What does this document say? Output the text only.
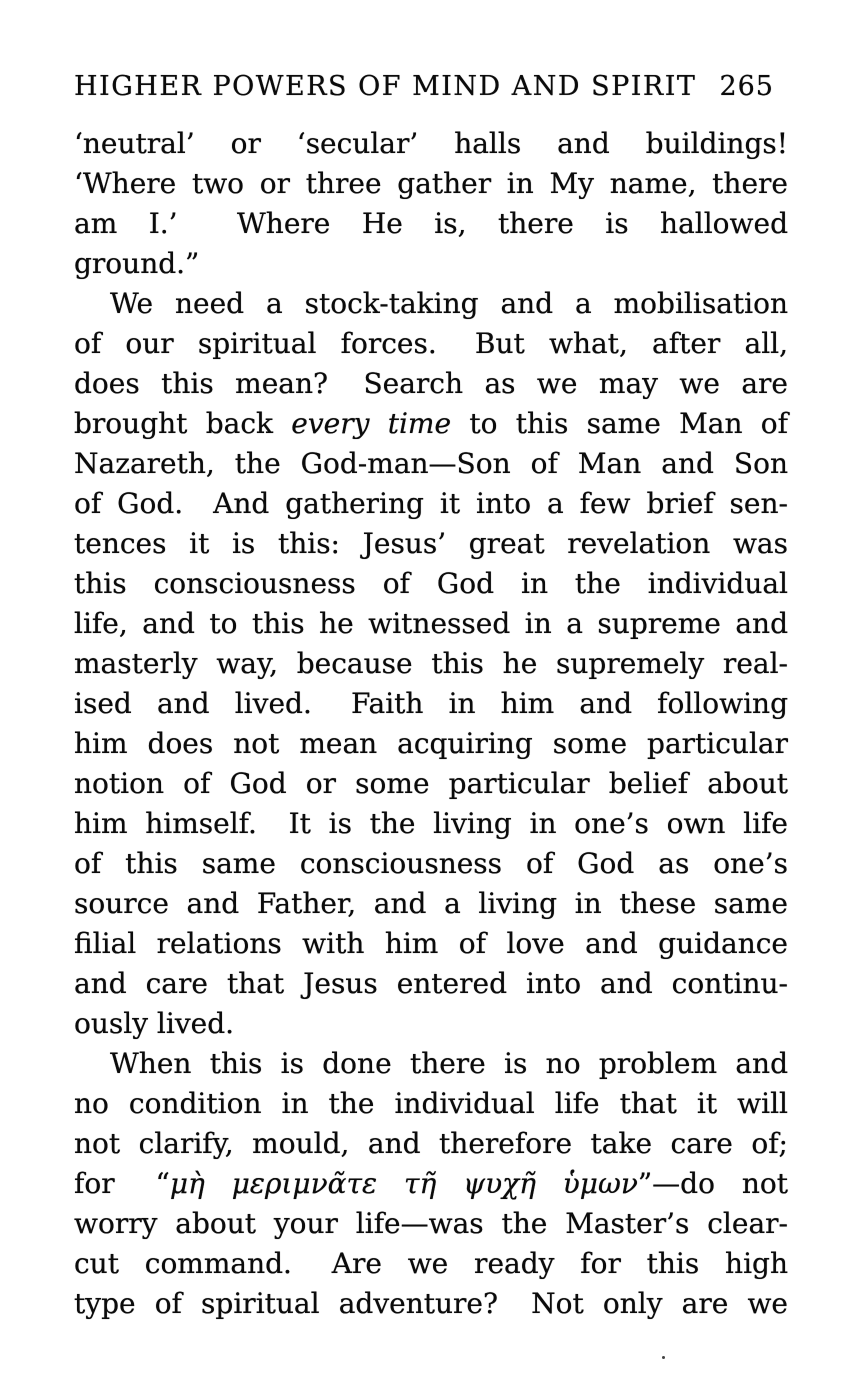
HIGHER POWERS OF MIND AND SPIRIT 265
‘neutral’ or ‘secular’ halls and buildings!
‘Where two or three gather in My name, there
am I.’  Where He is, there is hallowed
ground.”
We need a stock-taking and a mobilisation
of our spiritual forces.  But what, after all,
does this mean?  Search as we may we are
brought back every time to this same Man of
Nazareth, the God-man—Son of Man and Son
of God.  And gathering it into a few brief sen-
tences it is this: Jesus’ great revelation was
this consciousness of God in the individual
life, and to this he witnessed in a supreme and
masterly way, because this he supremely real-
ised and lived.  Faith in him and following
him does not mean acquiring some particular
notion of God or some particular belief about
him himself.  It is the living in one’s own life
of this same consciousness of God as one’s
source and Father, and a living in these same
filial relations with him of love and guidance
and care that Jesus entered into and continu-
ously lived.
When this is done there is no problem and
no condition in the individual life that it will
not clarify, mould, and therefore take care of;
for  “μὴ μεριμνᾶτε τῆ ψυχῆ ὑμων”—do not
worry about your life—was the Master’s clear-
cut command.  Are we ready for this high
type of spiritual adventure?  Not only are we
